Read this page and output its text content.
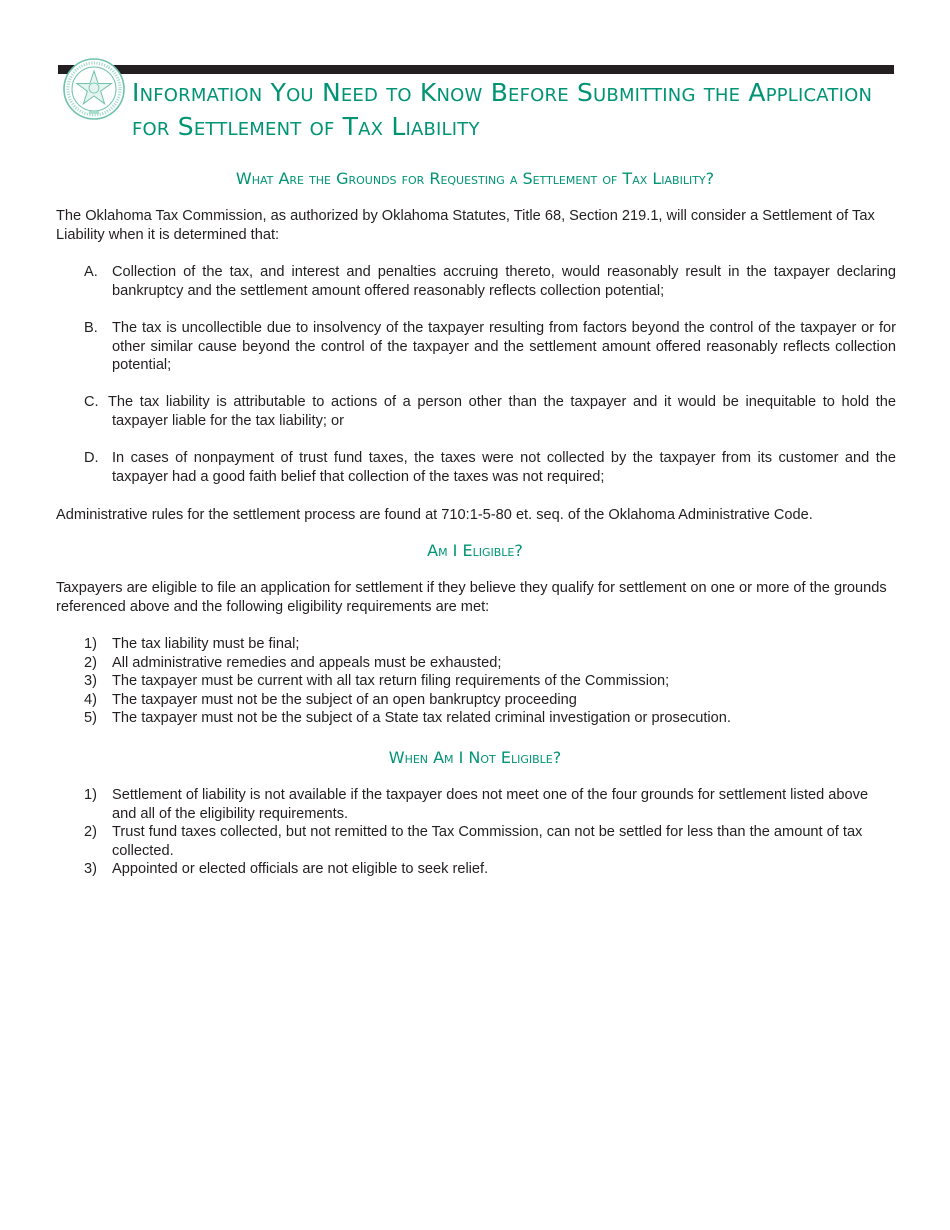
Information You Need to Know Before Submitting the Application for Settlement of Tax Liability
What Are the Grounds for Requesting a Settlement of Tax Liability?

The Oklahoma Tax Commission, as authorized by Oklahoma Statutes, Title 68, Section 219.1, will consider a Settlement of Tax Liability when it is determined that:

A. Collection of the tax, and interest and penalties accruing thereto, would reasonably result in the taxpayer declaring bankruptcy and the settlement amount offered reasonably reflects collection potential;
B. The tax is uncollectible due to insolvency of the taxpayer resulting from factors beyond the control of the taxpayer or for other similar cause beyond the control of the taxpayer and the settlement amount offered reasonably reflects collection potential;
C. The tax liability is attributable to actions of a person other than the taxpayer and it would be inequitable to hold the taxpayer liable for the tax liability; or
D. In cases of nonpayment of trust fund taxes, the taxes were not collected by the taxpayer from its customer and the taxpayer had a good faith belief that collection of the taxes was not required;

Administrative rules for the settlement process are found at 710:1-5-80 et. seq. of the Oklahoma Administrative Code.

Am I Eligible?

Taxpayers are eligible to file an application for settlement if they believe they qualify for settlement on one or more of the grounds referenced above and the following eligibility requirements are met:

1) The tax liability must be final;
2) All administrative remedies and appeals must be exhausted;
3) The taxpayer must be current with all tax return filing requirements of the Commission;
4) The taxpayer must not be the subject of an open bankruptcy proceeding
5) The taxpayer must not be the subject of a State tax related criminal investigation or prosecution.
When Am I Not Eligible?
1) Settlement of liability is not available if the taxpayer does not meet one of the four grounds for settlement listed above and all of the eligibility requirements.
2) Trust fund taxes collected, but not remitted to the Tax Commission, can not be settled for less than the amount of tax collected.
3) Appointed or elected officials are not eligible to seek relief.
